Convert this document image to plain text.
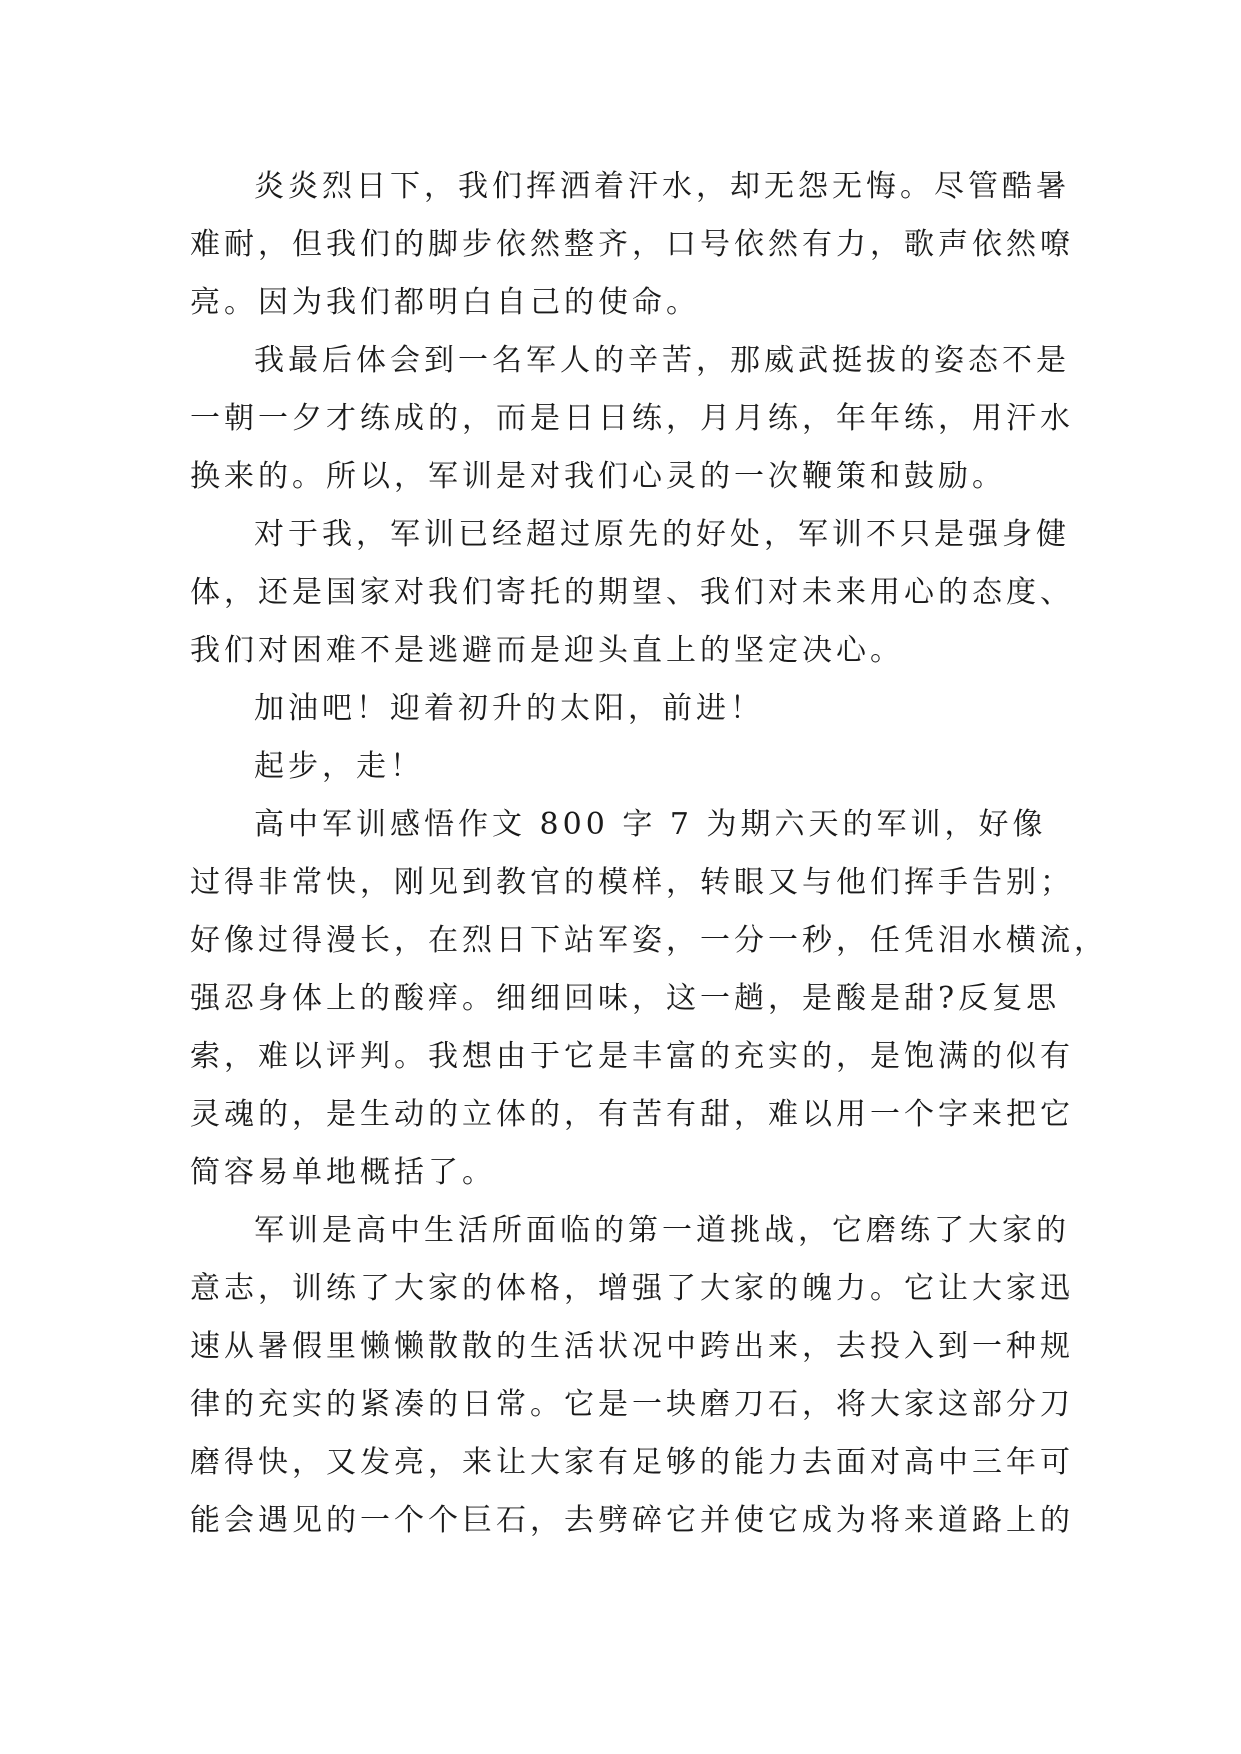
炎炎烈日下，我们挥洒着汗水，却无怨无悔。尽管酷暑
难耐，但我们的脚步依然整齐，口号依然有力，歌声依然嘹
亮。因为我们都明白自己的使命。
我最后体会到一名军人的辛苦，那威武挺拔的姿态不是
一朝一夕才练成的，而是日日练，月月练，年年练，用汗水
换来的。所以，军训是对我们心灵的一次鞭策和鼓励。
对于我，军训已经超过原先的好处，军训不只是强身健
体，还是国家对我们寄托的期望、我们对未来用心的态度、
我们对困难不是逃避而是迎头直上的坚定决心。
加油吧！迎着初升的太阳，前进！
起步，走！
高中军训感悟作文 800 字 7 为期六天的军训，好像
过得非常快，刚见到教官的模样，转眼又与他们挥手告别；
好像过得漫长，在烈日下站军姿，一分一秒，任凭泪水横流，
强忍身体上的酸痒。细细回味，这一趟，是酸是甜?反复思
索，难以评判。我想由于它是丰富的充实的，是饱满的似有
灵魂的，是生动的立体的，有苦有甜，难以用一个字来把它
简容易单地概括了。
军训是高中生活所面临的第一道挑战，它磨练了大家的
意志，训练了大家的体格，增强了大家的魄力。它让大家迅
速从暑假里懒懒散散的生活状况中跨出来，去投入到一种规
律的充实的紧凑的日常。它是一块磨刀石，将大家这部分刀
磨得快，又发亮，来让大家有足够的能力去面对高中三年可
能会遇见的一个个巨石，去劈碎它并使它成为将来道路上的
